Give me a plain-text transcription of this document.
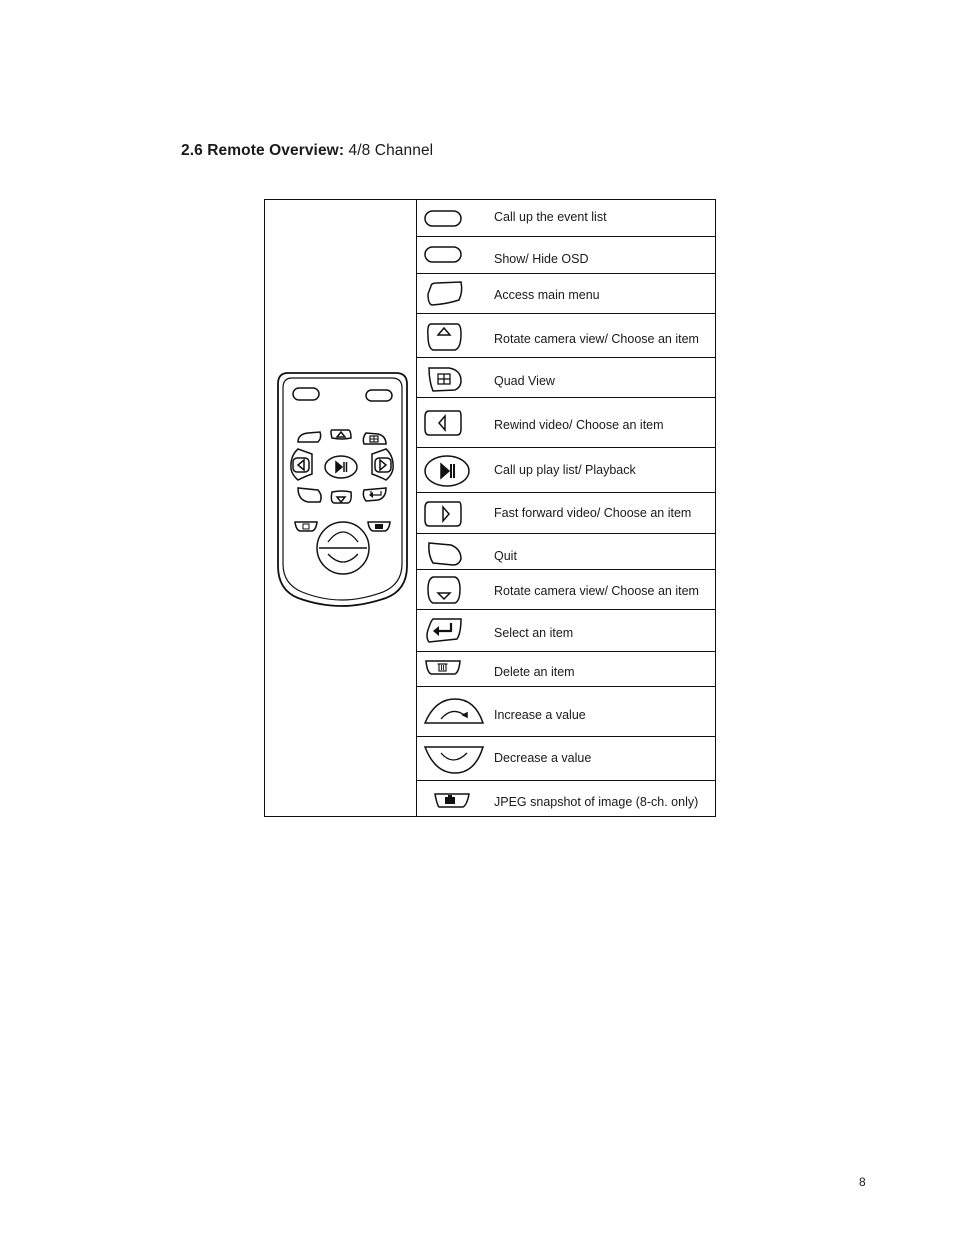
2.6 Remote Overview: 4/8 Channel
Call up the event list
Show/ Hide OSD
Access main menu
Rotate camera view/ Choose an item
Quad View
Rewind video/ Choose an item
Call up play list/ Playback
Fast forward video/ Choose an item
Quit
Rotate camera view/ Choose an item
Select an item
Delete an item
Increase a value
Decrease a value
JPEG snapshot of image (8-ch. only)
8
